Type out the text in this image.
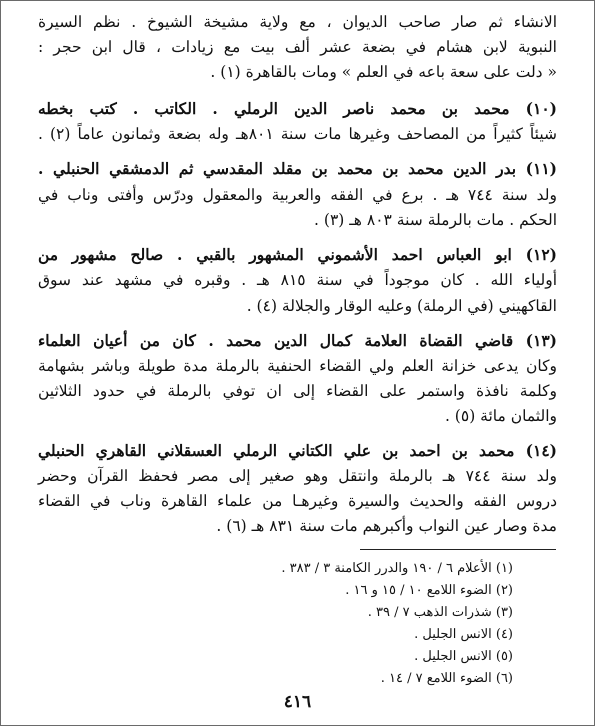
الانشاء ثم صار صاحب الديوان ، مع ولاية مشيخة الشيوخ . نظم السيرة
النبوية لابن هشام في بضعة عشر ألف بيت مع زيادات ، قال ابن حجر :
« دلت على سعة باعه في العلم » ومات بالقاهرة (١) .
(١٠) محمد بن محمد ناصر الدين الرملي . الكاتب . كتب بخطه
شيئاً كثيراً من المصاحف وغيرها مات سنة ٨٠١هـ وله بضعة وثمانون عاماً (٢) .
(١١) بدر الدين محمد بن محمد بن مقلد المقدسي ثم الدمشقي الحنبلي .
ولد سنة ٧٤٤ هـ . برع في الفقه والعربية والمعقول ودرّس وأفتى وناب في
الحكم . مات بالرملة سنة ٨٠٣ هـ (٣) .
(١٢) ابو العباس احمد الأشموني المشهور بالقبي . صالح مشهور من
أولياء الله . كان موجوداً في سنة ٨١٥ هـ . وقبره في مشهد عند سوق
القاكهيني (في الرملة) وعليه الوقار والجلالة (٤) .
(١٣) قاضي القضاة العلامة كمال الدين محمد . كان من أعيان العلماء
وكان يدعى خزانة العلم ولي القضاء الحنفية بالرملة مدة طويلة وباشر بشهامة
وكلمة نافذة واستمر على القضاء إلى ان توفي بالرملة في حدود الثلاثين
والثمان مائة (٥) .
(١٤) محمد بن احمد بن علي الكتاني الرملي العسقلاني القاهري الحنبلي
ولد سنة ٧٤٤ هـ بالرملة وانتقل وهو صغير إلى مصر فحفظ القرآن وحضر
دروس الفقه والحديث والسيرة وغيرهـا من علماء القاهرة وناب في القضاء
مدة وصار عين النواب وأكبرهم مات سنة ٨٣١ هـ (٦) .
(١) الأعلام ٦ / ١٩٠ والدرر الكامنة ٣ / ٣٨٣ .
(٢) الضوء اللامع ١٠ / ١٥ و ١٦ .
(٣) شذرات الذهب ٧ / ٣٩ .
(٤) الانس الجليل .
(٥) الانس الجليل .
(٦) الضوء اللامع ٧ / ١٤ .
٤١٦
